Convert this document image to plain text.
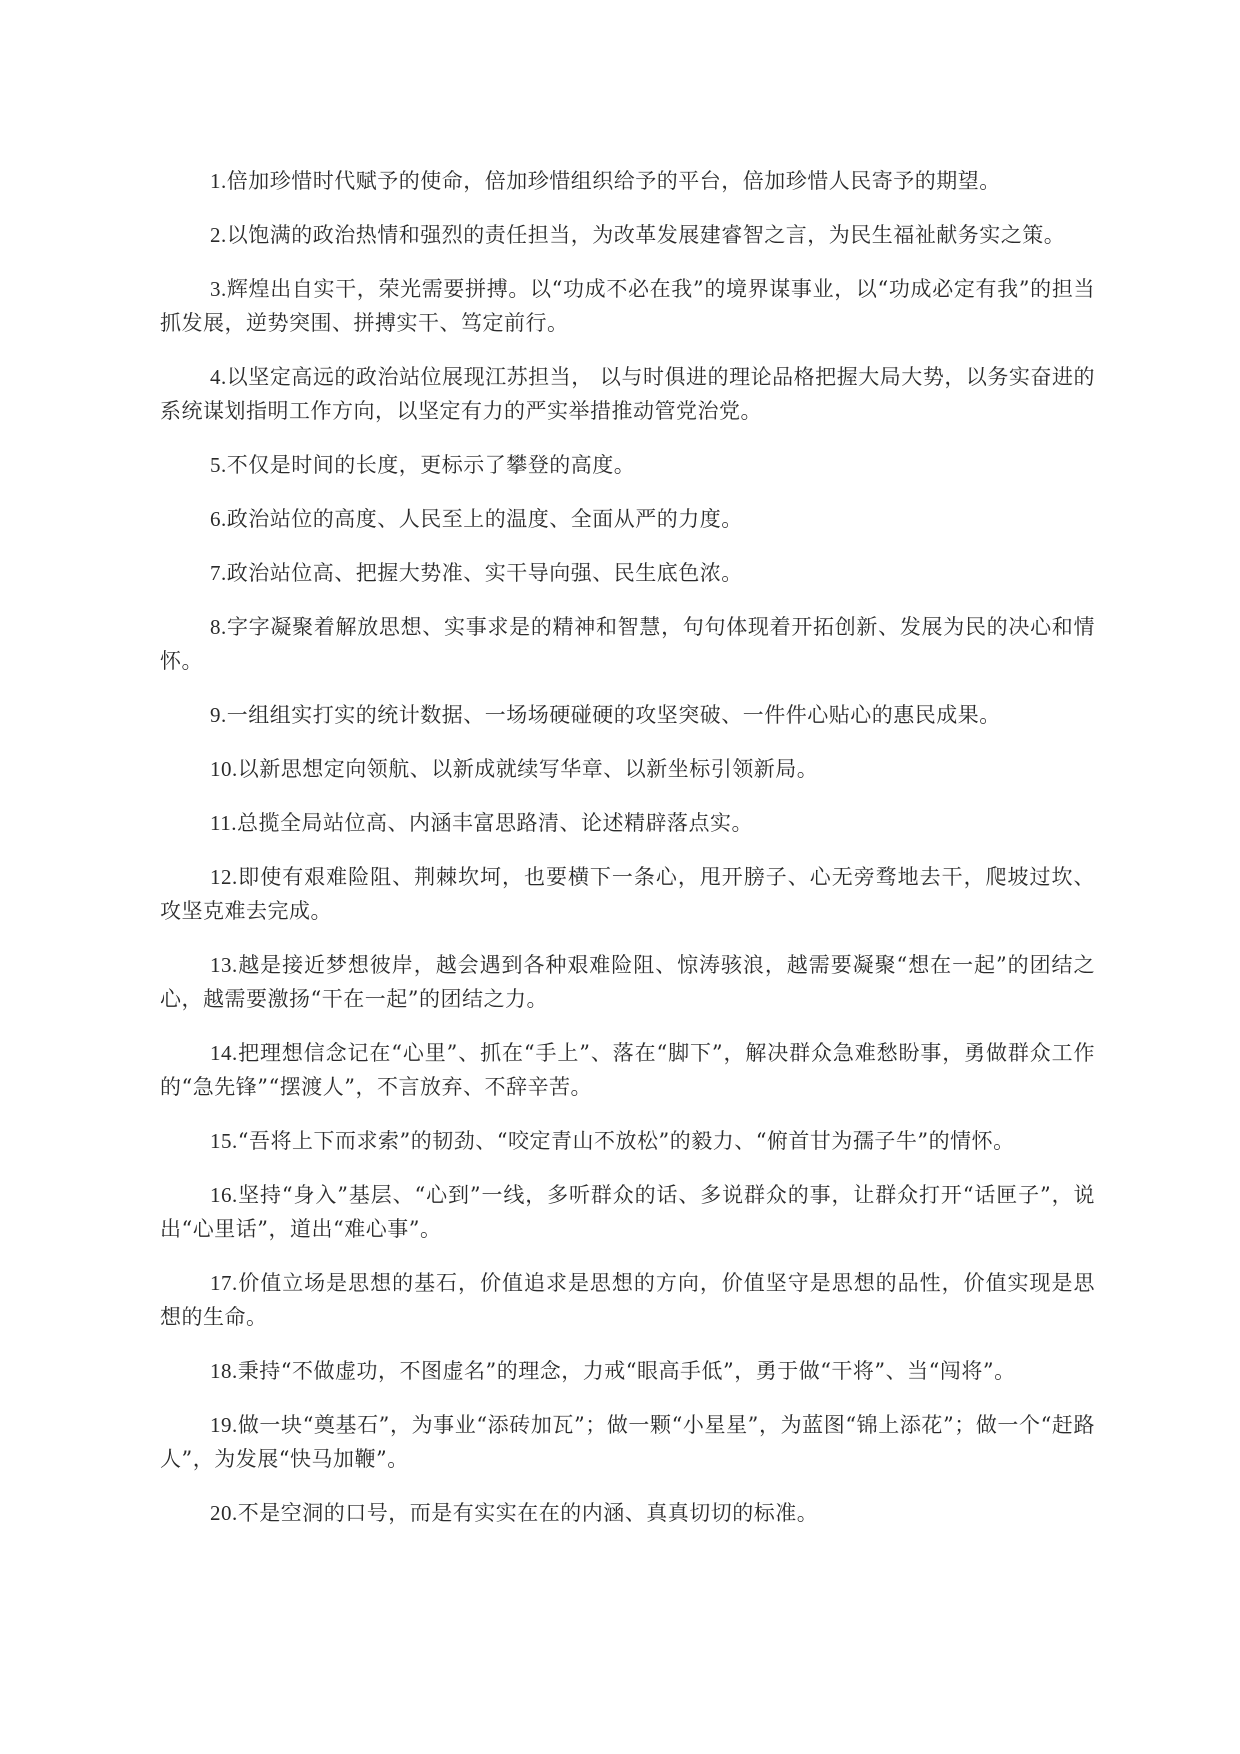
1.倍加珍惜时代赋予的使命，倍加珍惜组织给予的平台，倍加珍惜人民寄予的期望。

2.以饱满的政治热情和强烈的责任担当，为改革发展建睿智之言，为民生福祉献务实之策。

3.辉煌出自实干，荣光需要拼搏。以“功成不必在我”的境界谋事业，以“功成必定有我”的担当抓发展，逆势突围、拼搏实干、笃定前行。

4.以坚定高远的政治站位展现江苏担当， 以与时俱进的理论品格把握大局大势，以务实奋进的系统谋划指明工作方向，以坚定有力的严实举措推动管党治党。

5.不仅是时间的长度，更标示了攀登的高度。

6.政治站位的高度、人民至上的温度、全面从严的力度。

7.政治站位高、把握大势准、实干导向强、民生底色浓。

8.字字凝聚着解放思想、实事求是的精神和智慧，句句体现着开拓创新、发展为民的决心和情怀。

9.一组组实打实的统计数据、一场场硬碰硬的攻坚突破、一件件心贴心的惠民成果。

10.以新思想定向领航、以新成就续写华章、以新坐标引领新局。

11.总揽全局站位高、内涵丰富思路清、论述精辟落点实。

12.即使有艰难险阻、荆棘坎坷，也要横下一条心，甩开膀子、心无旁骛地去干，爬坡过坎、攻坚克难去完成。

13.越是接近梦想彼岸，越会遇到各种艰难险阻、惊涛骇浪，越需要凝聚“想在一起”的团结之心，越需要激扬“干在一起”的团结之力。

14.把理想信念记在“心里”、抓在“手上”、落在“脚下”，解决群众急难愁盼事，勇做群众工作的“急先锋”“摆渡人”，不言放弃、不辞辛苦。

15.“吾将上下而求索”的韧劲、“咬定青山不放松”的毅力、“俯首甘为孺子牛”的情怀。

16.坚持“身入”基层、“心到”一线，多听群众的话、多说群众的事，让群众打开“话匣子”，说出“心里话”，道出“难心事”。

17.价值立场是思想的基石，价值追求是思想的方向，价值坚守是思想的品性，价值实现是思想的生命。

18.秉持“不做虚功，不图虚名”的理念，力戒“眼高手低”，勇于做“干将”、当“闯将”。

19.做一块“奠基石”，为事业“添砖加瓦”；做一颗“小星星”，为蓝图“锦上添花”；做一个“赶路人”，为发展“快马加鞭”。

20.不是空洞的口号，而是有实实在在的内涵、真真切切的标准。
